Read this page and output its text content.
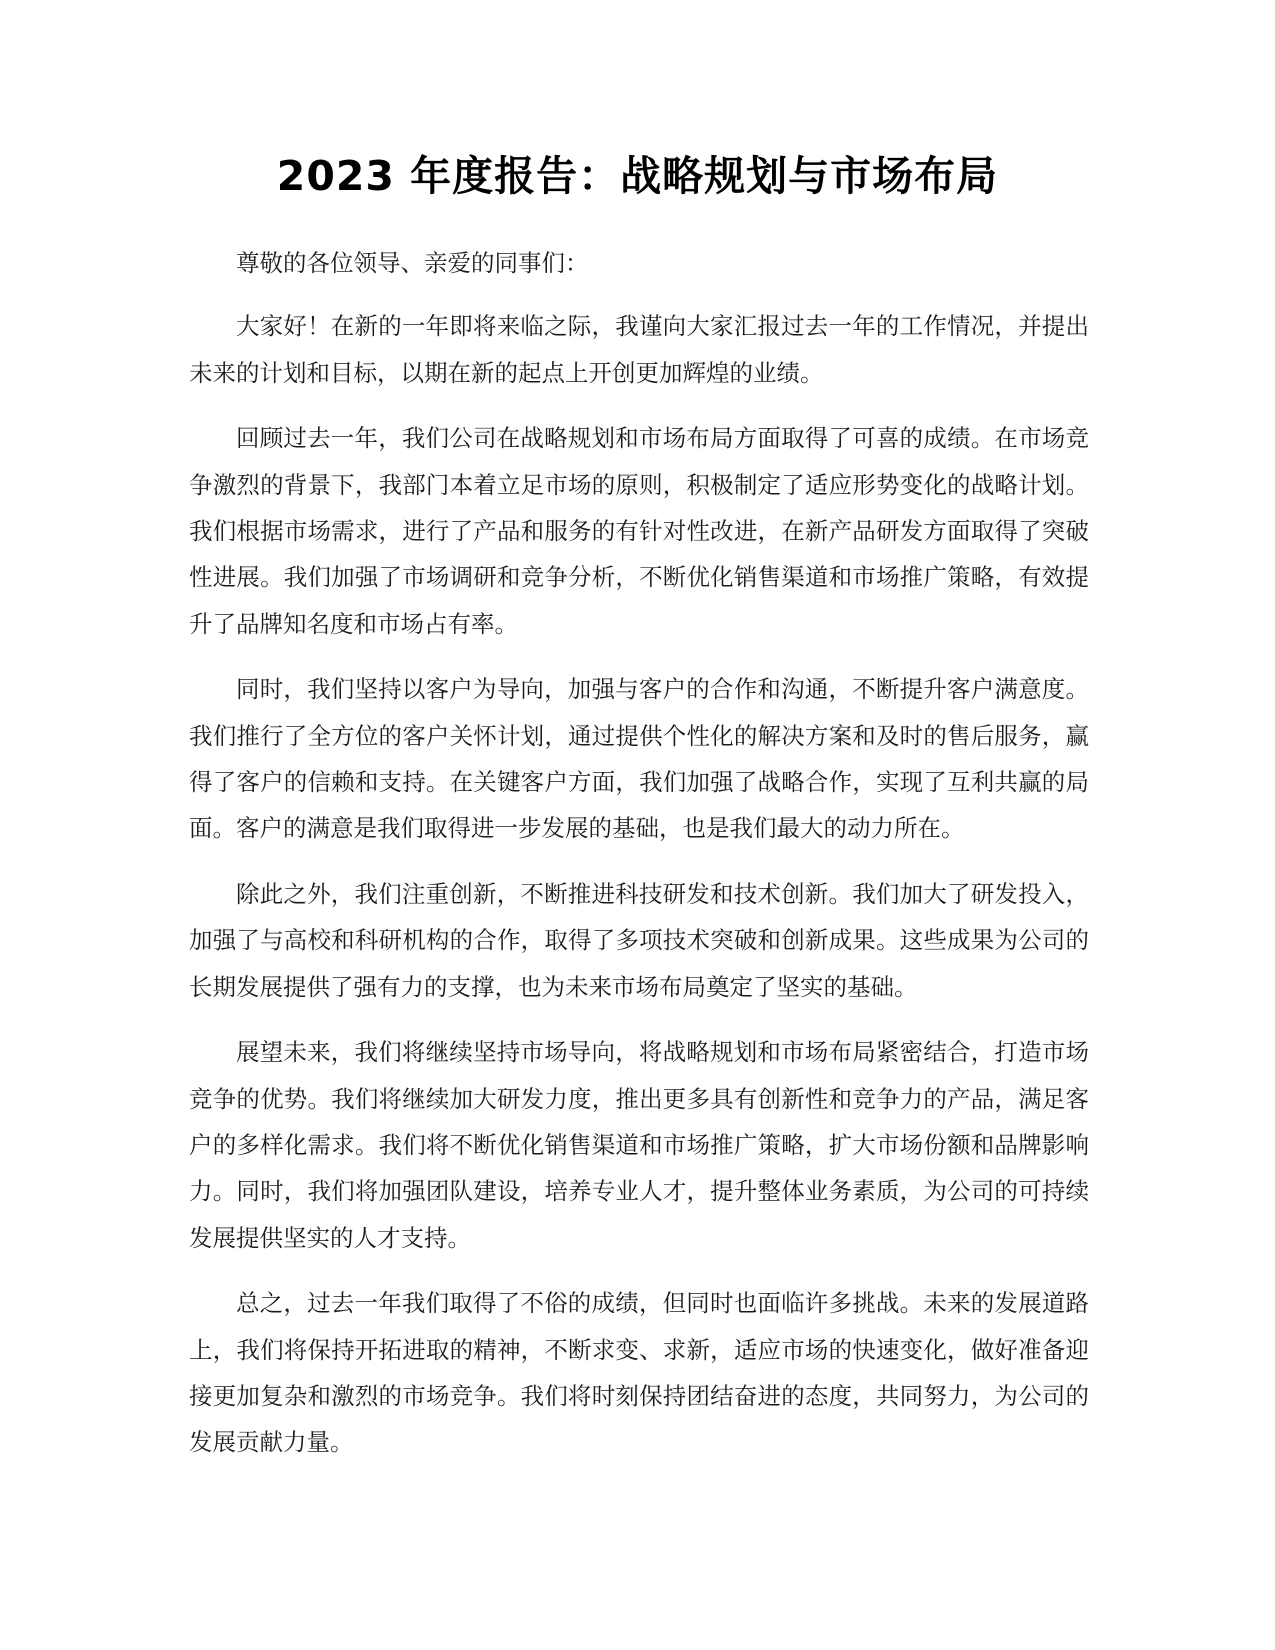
2023 年度报告：战略规划与市场布局

尊敬的各位领导、亲爱的同事们：

大家好！在新的一年即将来临之际，我谨向大家汇报过去一年的工作情况，并提出未来的计划和目标，以期在新的起点上开创更加辉煌的业绩。

回顾过去一年，我们公司在战略规划和市场布局方面取得了可喜的成绩。在市场竞争激烈的背景下，我部门本着立足市场的原则，积极制定了适应形势变化的战略计划。我们根据市场需求，进行了产品和服务的有针对性改进，在新产品研发方面取得了突破性进展。我们加强了市场调研和竞争分析，不断优化销售渠道和市场推广策略，有效提升了品牌知名度和市场占有率。

同时，我们坚持以客户为导向，加强与客户的合作和沟通，不断提升客户满意度。我们推行了全方位的客户关怀计划，通过提供个性化的解决方案和及时的售后服务，赢得了客户的信赖和支持。在关键客户方面，我们加强了战略合作，实现了互利共赢的局面。客户的满意是我们取得进一步发展的基础，也是我们最大的动力所在。

除此之外，我们注重创新，不断推进科技研发和技术创新。我们加大了研发投入，加强了与高校和科研机构的合作，取得了多项技术突破和创新成果。这些成果为公司的长期发展提供了强有力的支撑，也为未来市场布局奠定了坚实的基础。

展望未来，我们将继续坚持市场导向，将战略规划和市场布局紧密结合，打造市场竞争的优势。我们将继续加大研发力度，推出更多具有创新性和竞争力的产品，满足客户的多样化需求。我们将不断优化销售渠道和市场推广策略，扩大市场份额和品牌影响力。同时，我们将加强团队建设，培养专业人才，提升整体业务素质，为公司的可持续发展提供坚实的人才支持。

总之，过去一年我们取得了不俗的成绩，但同时也面临许多挑战。未来的发展道路上，我们将保持开拓进取的精神，不断求变、求新，适应市场的快速变化，做好准备迎接更加复杂和激烈的市场竞争。我们将时刻保持团结奋进的态度，共同努力，为公司的发展贡献力量。
